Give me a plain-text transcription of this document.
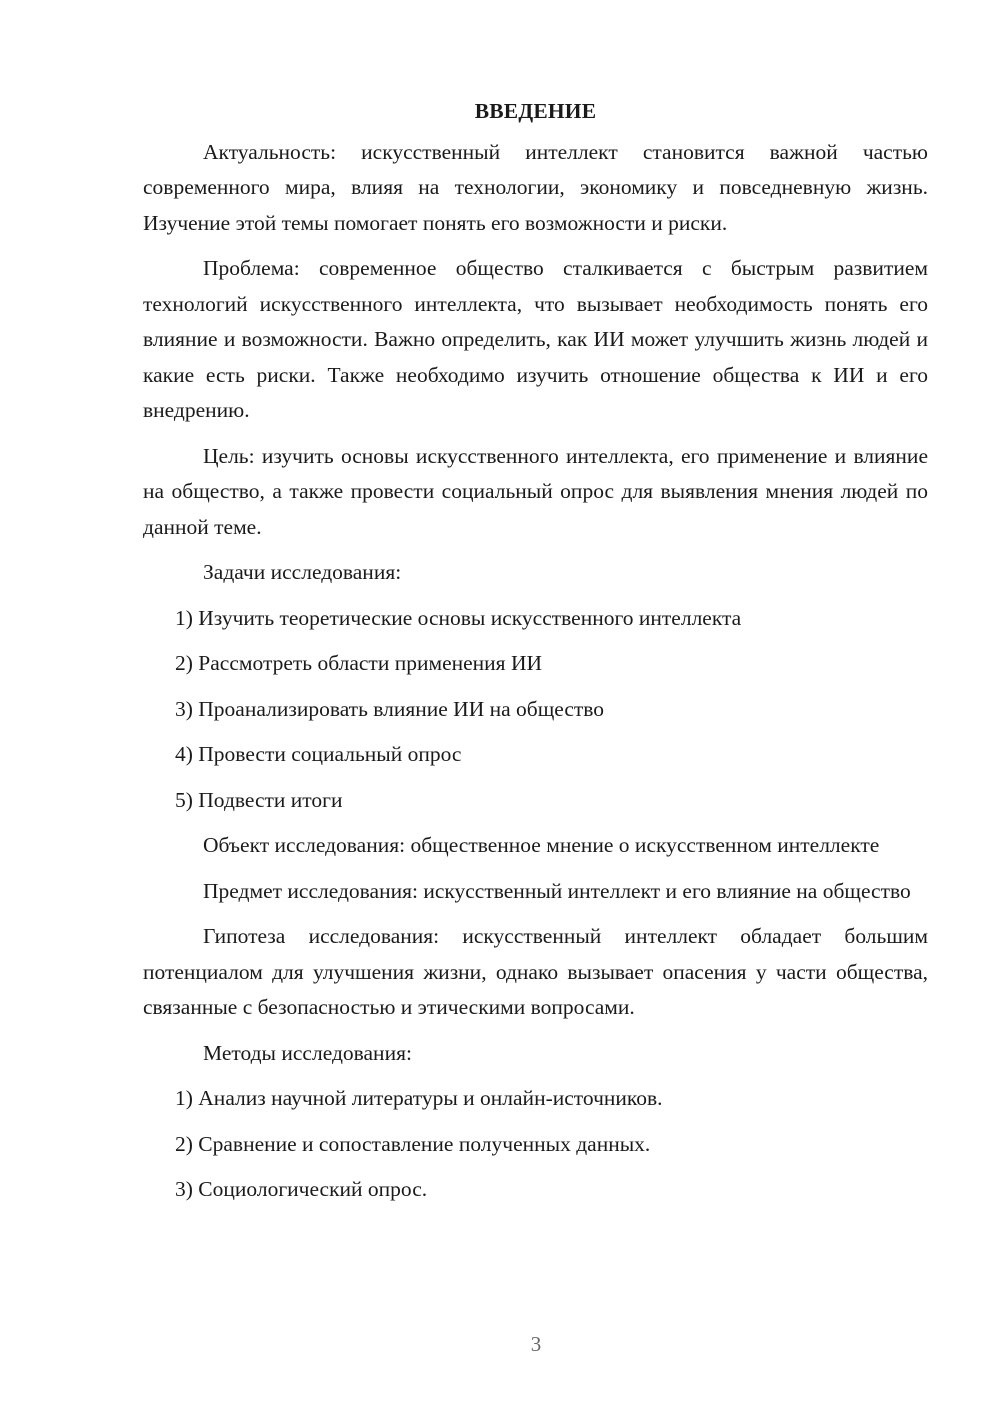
ВВЕДЕНИЕ

Актуальность: искусственный интеллект становится важной частью современного мира, влияя на технологии, экономику и повседневную жизнь. Изучение этой темы помогает понять его возможности и риски.

Проблема: современное общество сталкивается с быстрым развитием технологий искусственного интеллекта, что вызывает необходимость понять его влияние и возможности. Важно определить, как ИИ может улучшить жизнь людей и какие есть риски. Также необходимо изучить отношение общества к ИИ и его внедрению.

Цель: изучить основы искусственного интеллекта, его применение и влияние на общество, а также провести социальный опрос для выявления мнения людей по данной теме.

Задачи исследования:
1) Изучить теоретические основы искусственного интеллекта
2) Рассмотреть области применения ИИ
3) Проанализировать влияние ИИ на общество
4) Провести социальный опрос
5) Подвести итоги

Объект исследования: общественное мнение о искусственном интеллекте

Предмет исследования: искусственный интеллект и его влияние на общество

Гипотеза исследования: искусственный интеллект обладает большим потенциалом для улучшения жизни, однако вызывает опасения у части общества, связанные с безопасностью и этическими вопросами.

Методы исследования:
1) Анализ научной литературы и онлайн-источников.
2) Сравнение и сопоставление полученных данных.
3) Социологический опрос.
3
